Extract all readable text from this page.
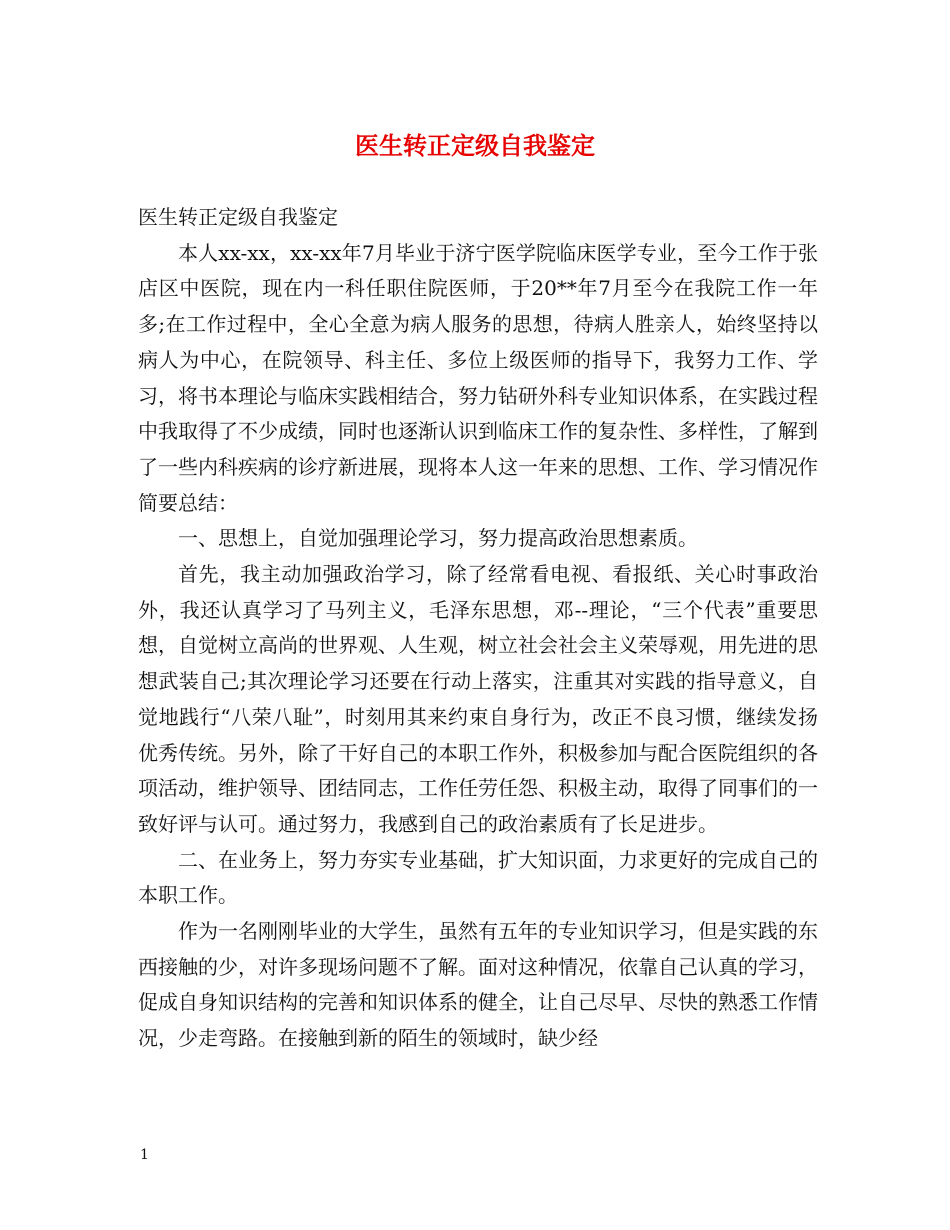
医生转正定级自我鉴定

医生转正定级自我鉴定

本人xx-xx，xx-xx年7月毕业于济宁医学院临床医学专业，至今工作于张店区中医院，现在内一科任职住院医师，于20**年7月至今在我院工作一年多;在工作过程中，全心全意为病人服务的思想，待病人胜亲人，始终坚持以病人为中心，在院领导、科主任、多位上级医师的指导下，我努力工作、学习，将书本理论与临床实践相结合，努力钻研外科专业知识体系，在实践过程中我取得了不少成绩，同时也逐渐认识到临床工作的复杂性、多样性，了解到了一些内科疾病的诊疗新进展，现将本人这一年来的思想、工作、学习情况作简要总结：

一、思想上，自觉加强理论学习，努力提高政治思想素质。

首先，我主动加强政治学习，除了经常看电视、看报纸、关心时事政治外，我还认真学习了马列主义，毛泽东思想，邓--理论，“三个代表”重要思想，自觉树立高尚的世界观、人生观，树立社会社会主义荣辱观，用先进的思想武装自己;其次理论学习还要在行动上落实，注重其对实践的指导意义，自觉地践行“八荣八耻”，时刻用其来约束自身行为，改正不良习惯，继续发扬优秀传统。另外，除了干好自己的本职工作外，积极参加与配合医院组织的各项活动，维护领导、团结同志，工作任劳任怨、积极主动，取得了同事们的一致好评与认可。通过努力，我感到自己的政治素质有了长足进步。

二、在业务上，努力夯实专业基础，扩大知识面，力求更好的完成自己的本职工作。

作为一名刚刚毕业的大学生，虽然有五年的专业知识学习，但是实践的东西接触的少，对许多现场问题不了解。面对这种情况，依靠自己认真的学习，促成自身知识结构的完善和知识体系的健全，让自己尽早、尽快的熟悉工作情况，少走弯路。在接触到新的陌生的领域时，缺少经

1
